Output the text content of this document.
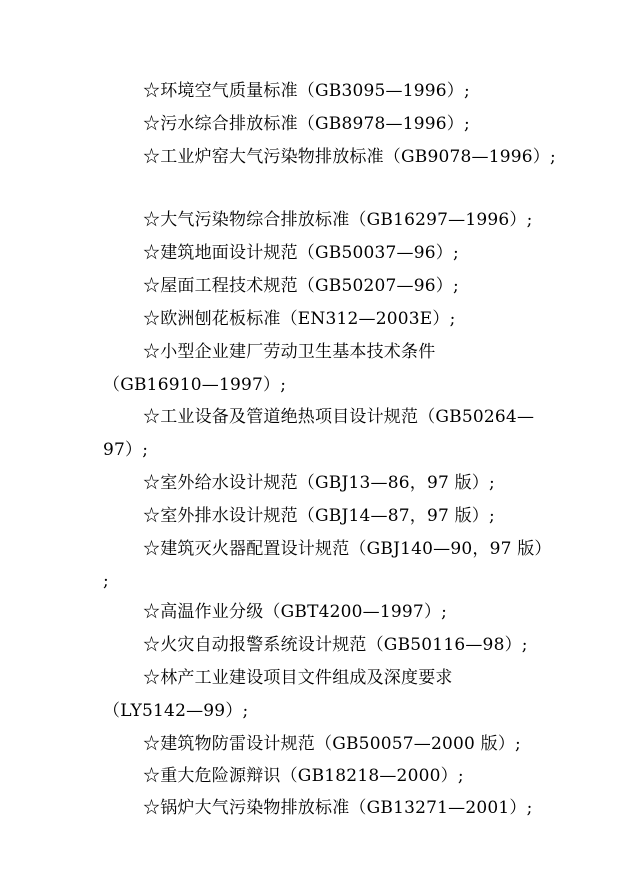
☆环境空气质量标准（GB3095—1996）;
☆污水综合排放标准（GB8978—1996）;
☆工业炉窑大气污染物排放标准（GB9078—1996）;
☆大气污染物综合排放标准（GB16297—1996）;
☆建筑地面设计规范（GB50037—96）;
☆屋面工程技术规范（GB50207—96）;
☆欧洲刨花板标准（EN312—2003E）;
☆小型企业建厂劳动卫生基本技术条件
（GB16910—1997）;
☆工业设备及管道绝热项目设计规范（GB50264—
97）;
☆室外给水设计规范（GBJ13—86，97 版）;
☆室外排水设计规范（GBJ14—87，97 版）;
☆建筑灭火器配置设计规范（GBJ140—90，97 版）
;
☆高温作业分级（GBT4200—1997）;
☆火灾自动报警系统设计规范（GB50116—98）;
☆林产工业建设项目文件组成及深度要求
（LY5142—99）;
☆建筑物防雷设计规范（GB50057—2000 版）;
☆重大危险源辩识（GB18218—2000）;
☆锅炉大气污染物排放标准（GB13271—2001）;
